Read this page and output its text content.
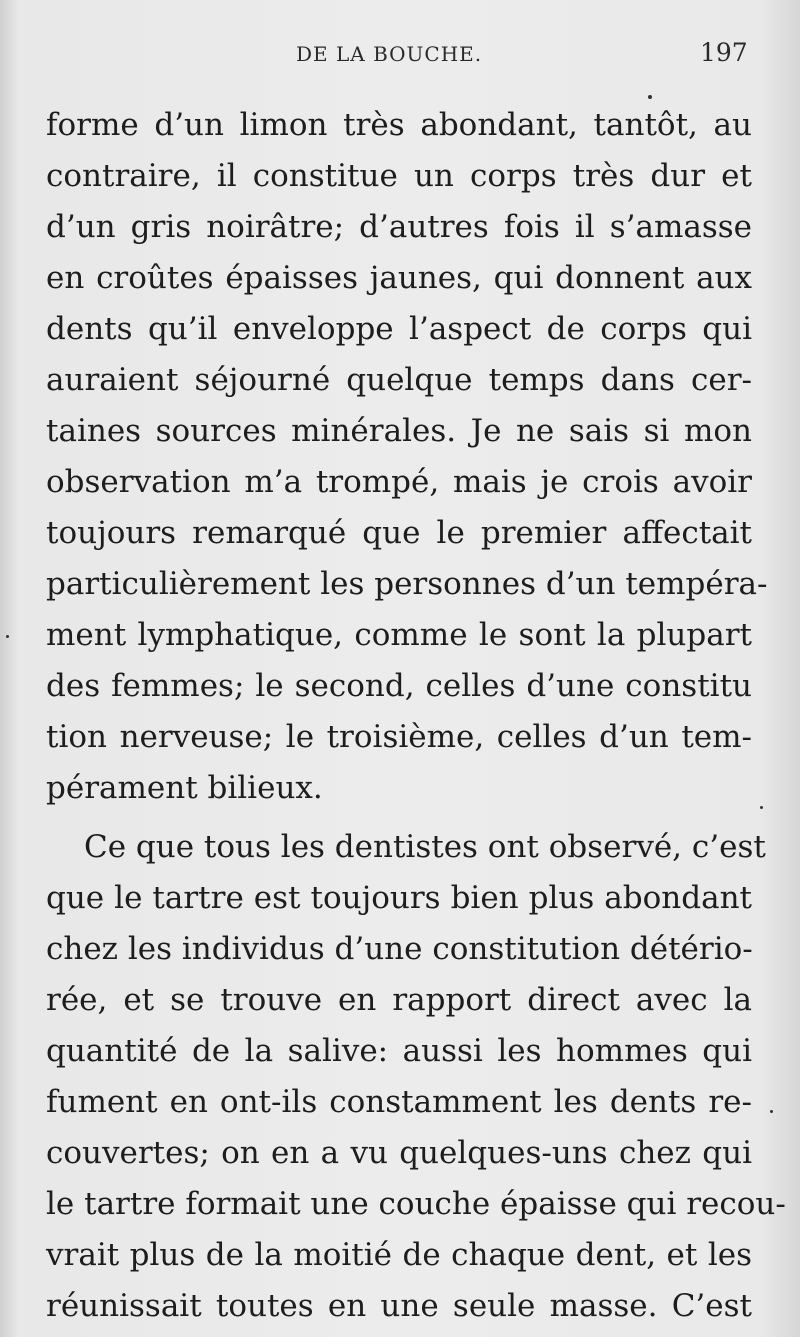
DE LA BOUCHE.	197
forme d’un limon très abondant, tantôt, au
contraire, il constitue un corps très dur et
d’un gris noirâtre; d’autres fois il s’amasse
en croûtes épaisses jaunes, qui donnent aux
dents qu’il enveloppe l’aspect de corps qui
auraient séjourné quelque temps dans cer-
taines sources minérales. Je ne sais si mon
observation m’a trompé, mais je crois avoir
toujours remarqué que le premier affectait
particulièrement les personnes d’un tempéra-
ment lymphatique, comme le sont la plupart
des femmes; le second, celles d’une constitu
tion nerveuse; le troisième, celles d’un tem-
pérament bilieux.
Ce que tous les dentistes ont observé, c’est
que le tartre est toujours bien plus abondant
chez les individus d’une constitution détério-
rée, et se trouve en rapport direct avec la
quantité de la salive: aussi les hommes qui
fument en ont-ils constamment les dents re-
couvertes; on en a vu quelques-uns chez qui
le tartre formait une couche épaisse qui recou-
vrait plus de la moitié de chaque dent, et les
réunissait toutes en une seule masse. C’est
